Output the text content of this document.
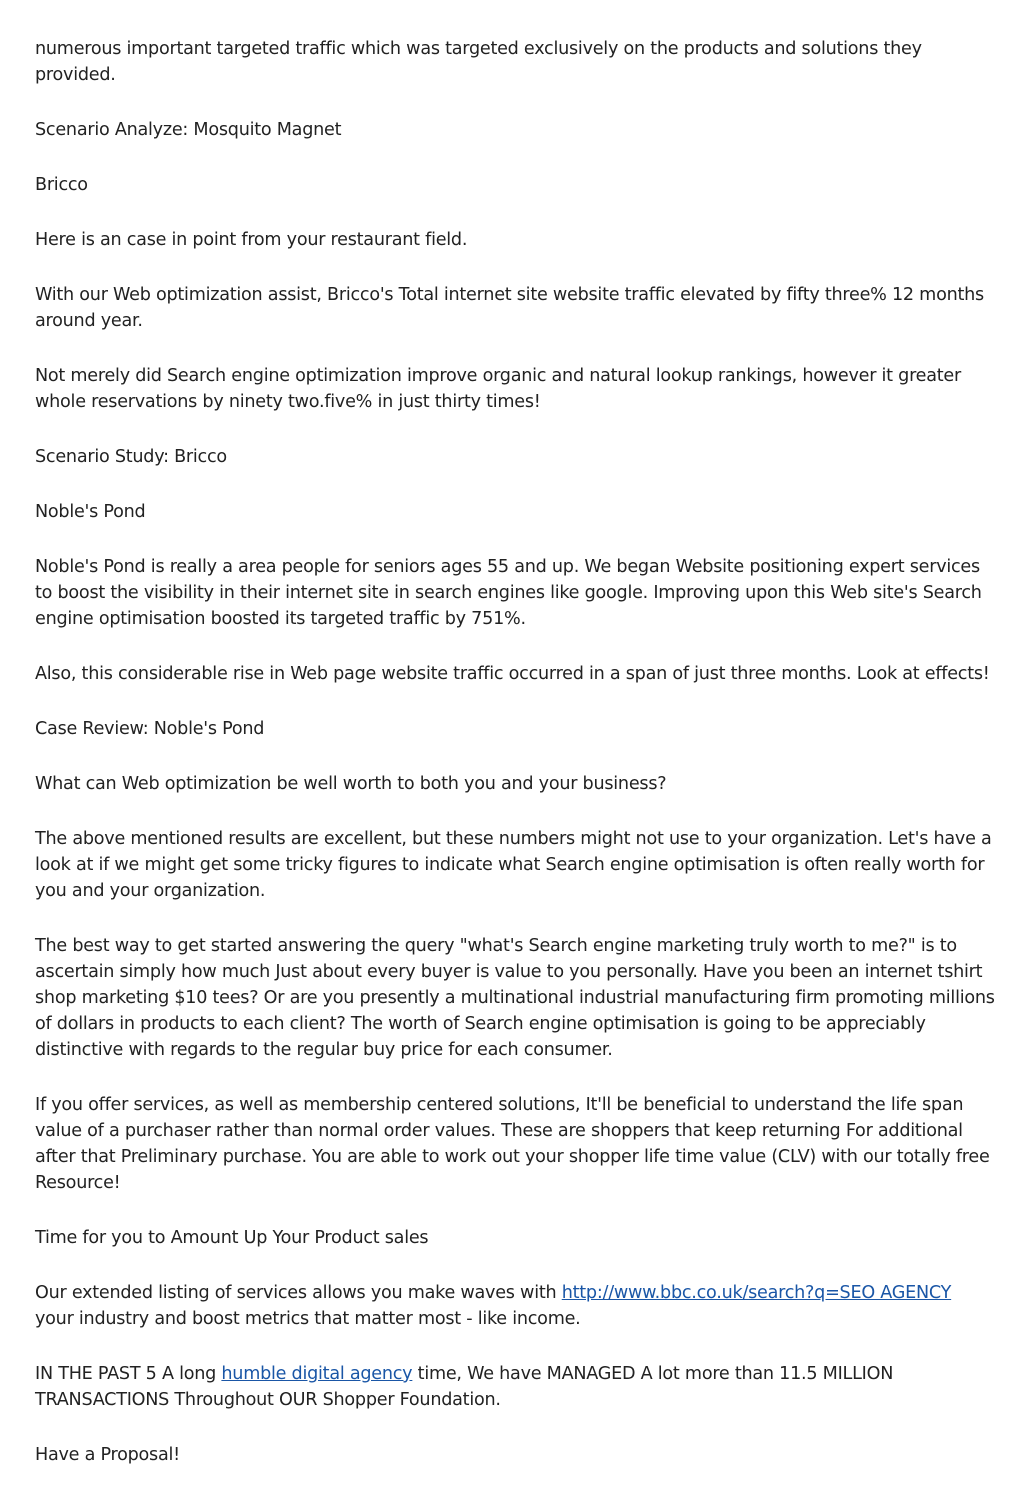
numerous important targeted traffic which was targeted exclusively on the products and solutions they provided.

Scenario Analyze: Mosquito Magnet

Bricco

Here is an case in point from your restaurant field.

With our Web optimization assist, Bricco's Total internet site website traffic elevated by fifty three% 12 months around year.

Not merely did Search engine optimization improve organic and natural lookup rankings, however it greater whole reservations by ninety two.five% in just thirty times!

Scenario Study: Bricco

Noble's Pond

Noble's Pond is really a area people for seniors ages 55 and up. We began Website positioning expert services to boost the visibility in their internet site in search engines like google. Improving upon this Web site's Search engine optimisation boosted its targeted traffic by 751%.

Also, this considerable rise in Web page website traffic occurred in a span of just three months. Look at effects!

Case Review: Noble's Pond

What can Web optimization be well worth to both you and your business?

The above mentioned results are excellent, but these numbers might not use to your organization. Let's have a look at if we might get some tricky figures to indicate what Search engine optimisation is often really worth for you and your organization.

The best way to get started answering the query "what's Search engine marketing truly worth to me?" is to ascertain simply how much Just about every buyer is value to you personally. Have you been an internet tshirt shop marketing $10 tees? Or are you presently a multinational industrial manufacturing firm promoting millions of dollars in products to each client? The worth of Search engine optimisation is going to be appreciably distinctive with regards to the regular buy price for each consumer.

If you offer services, as well as membership centered solutions, It'll be beneficial to understand the life span value of a purchaser rather than normal order values. These are shoppers that keep returning For additional after that Preliminary purchase. You are able to work out your shopper life time value (CLV) with our totally free Resource!

Time for you to Amount Up Your Product sales

Our extended listing of services allows you make waves with http://www.bbc.co.uk/search?q=SEO AGENCY your industry and boost metrics that matter most - like income.

IN THE PAST 5 A long humble digital agency time, We have MANAGED A lot more than 11.5 MILLION TRANSACTIONS Throughout OUR Shopper Foundation.

Have a Proposal!
